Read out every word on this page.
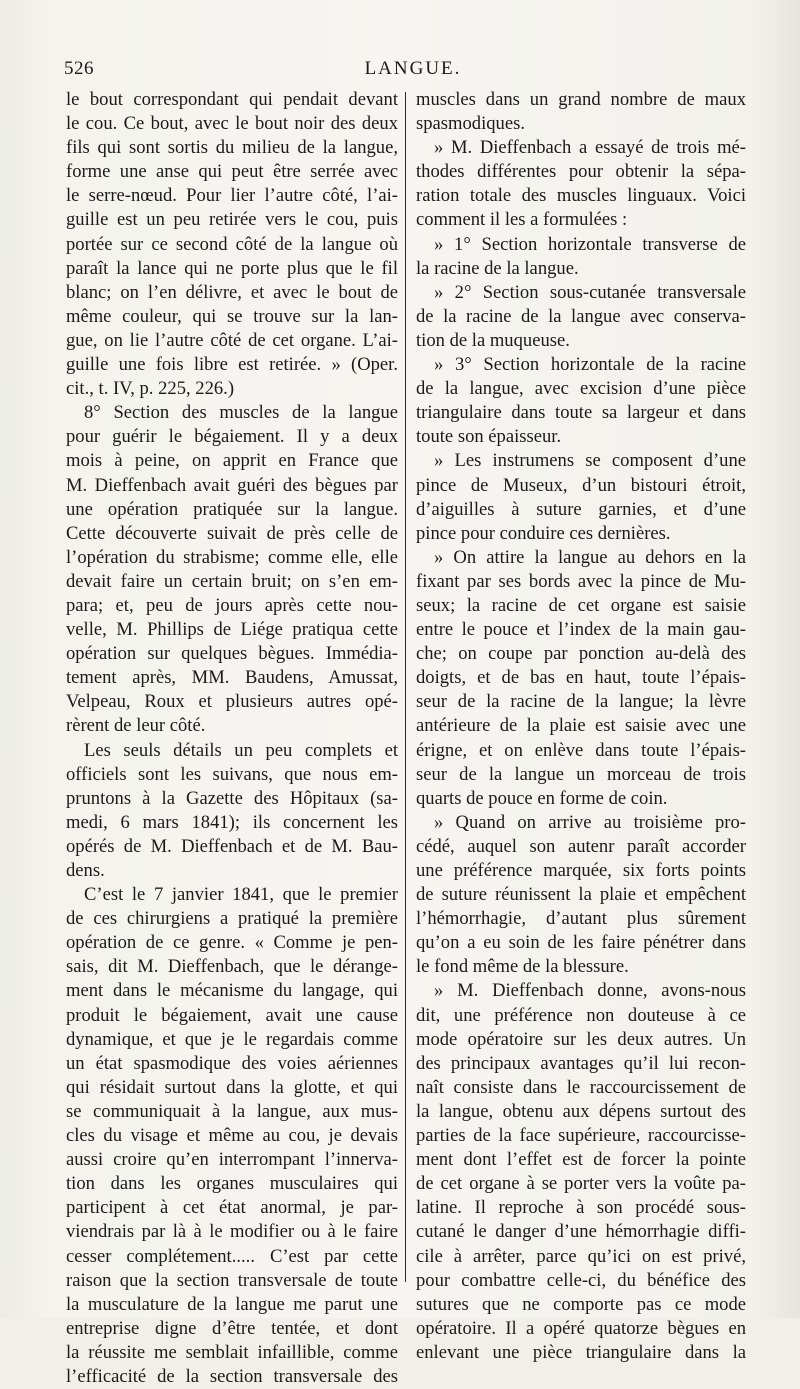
526	LANGUE.
le bout correspondant qui pendait devant
le cou. Ce bout, avec le bout noir des deux
fils qui sont sortis du milieu de la langue,
forme une anse qui peut être serrée avec
le serre-nœud. Pour lier l’autre côté, l’ai-
guille est un peu retirée vers le cou, puis
portée sur ce second côté de la langue où
paraît la lance qui ne porte plus que le fil
blanc; on l’en délivre, et avec le bout de
même couleur, qui se trouve sur la lan-
gue, on lie l’autre côté de cet organe. L’ai-
guille une fois libre est retirée. » (Oper.
cit., t. IV, p. 225, 226.)
8° Section des muscles de la langue
pour guérir le bégaiement. Il y a deux
mois à peine, on apprit en France que
M. Dieffenbach avait guéri des bègues par
une opération pratiquée sur la langue.
Cette découverte suivait de près celle de
l’opération du strabisme; comme elle, elle
devait faire un certain bruit; on s’en em-
para; et, peu de jours après cette nou-
velle, M. Phillips de Liége pratiqua cette
opération sur quelques bègues. Immédia-
tement après, MM. Baudens, Amussat,
Velpeau, Roux et plusieurs autres opé-
rèrent de leur côté.
Les seuls détails un peu complets et
officiels sont les suivans, que nous em-
pruntons à la Gazette des Hôpitaux (sa-
medi, 6 mars 1841); ils concernent les
opérés de M. Dieffenbach et de M. Bau-
dens.
C’est le 7 janvier 1841, que le premier
de ces chirurgiens a pratiqué la première
opération de ce genre. « Comme je pen-
sais, dit M. Dieffenbach, que le dérange-
ment dans le mécanisme du langage, qui
produit le bégaiement, avait une cause
dynamique, et que je le regardais comme
un état spasmodique des voies aériennes
qui résidait surtout dans la glotte, et qui
se communiquait à la langue, aux mus-
cles du visage et même au cou, je devais
aussi croire qu’en interrompant l’innerva-
tion dans les organes musculaires qui
participent à cet état anormal, je par-
viendrais par là à le modifier ou à le faire
cesser complétement..... C’est par cette
raison que la section transversale de toute
la musculature de la langue me parut une
entreprise digne d’être tentée, et dont
la réussite me semblait infaillible, comme
l’efficacité de la section transversale des
muscles dans un grand nombre de maux
spasmodiques.
» M. Dieffenbach a essayé de trois mé-
thodes différentes pour obtenir la sépa-
ration totale des muscles linguaux. Voici
comment il les a formulées :
» 1° Section horizontale transverse de
la racine de la langue.
» 2° Section sous-cutanée transversale
de la racine de la langue avec conserva-
tion de la muqueuse.
» 3° Section horizontale de la racine
de la langue, avec excision d’une pièce
triangulaire dans toute sa largeur et dans
toute son épaisseur.
» Les instrumens se composent d’une
pince de Museux, d’un bistouri étroit,
d’aiguilles à suture garnies, et d’une
pince pour conduire ces dernières.
» On attire la langue au dehors en la
fixant par ses bords avec la pince de Mu-
seux; la racine de cet organe est saisie
entre le pouce et l’index de la main gau-
che; on coupe par ponction au-delà des
doigts, et de bas en haut, toute l’épais-
seur de la racine de la langue; la lèvre
antérieure de la plaie est saisie avec une
érigne, et on enlève dans toute l’épais-
seur de la langue un morceau de trois
quarts de pouce en forme de coin.
» Quand on arrive au troisième pro-
cédé, auquel son autenr paraît accorder
une préférence marquée, six forts points
de suture réunissent la plaie et empêchent
l’hémorrhagie, d’autant plus sûrement
qu’on a eu soin de les faire pénétrer dans
le fond même de la blessure.
» M. Dieffenbach donne, avons-nous
dit, une préférence non douteuse à ce
mode opératoire sur les deux autres. Un
des principaux avantages qu’il lui recon-
naît consiste dans le raccourcissement de
la langue, obtenu aux dépens surtout des
parties de la face supérieure, raccourcisse-
ment dont l’effet est de forcer la pointe
de cet organe à se porter vers la voûte pa-
latine. Il reproche à son procédé sous-
cutané le danger d’une hémorrhagie diffi-
cile à arrêter, parce qu’ici on est privé,
pour combattre celle-ci, du bénéfice des
sutures que ne comporte pas ce mode
opératoire. Il a opéré quatorze bègues en
enlevant une pièce triangulaire dans la
